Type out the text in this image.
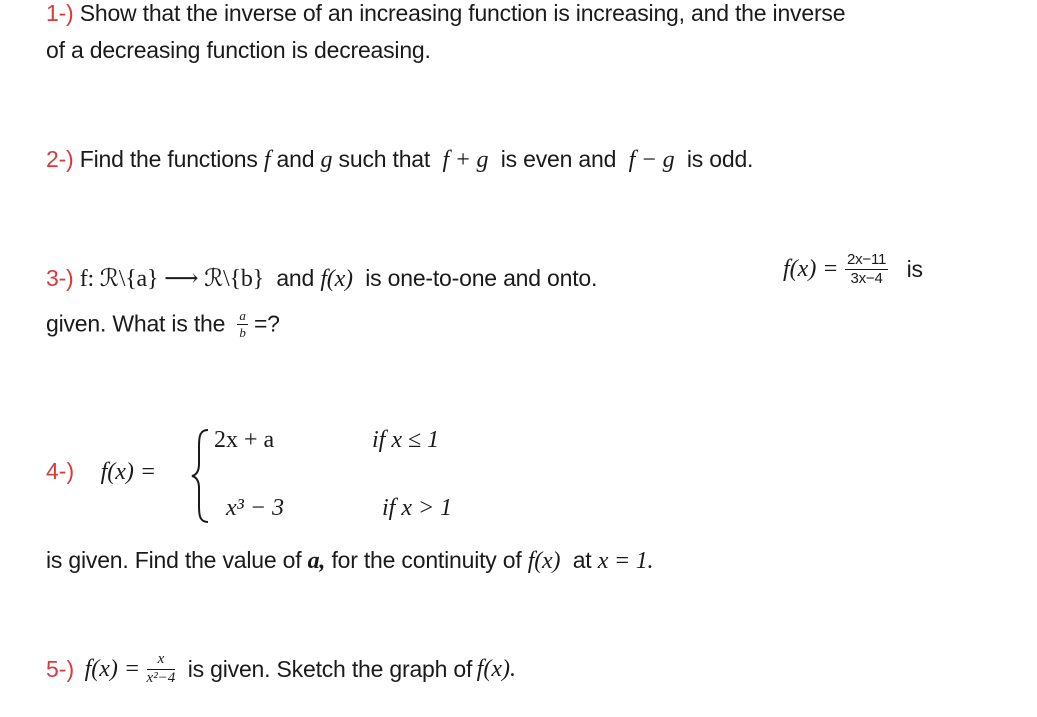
1-) Show that the inverse of an increasing function is increasing, and the inverse
of a decreasing function is decreasing.
2-) Find the functions f and g such that f + g is even and f − g is odd.
3-) f: ℛ\{a} ⟶ ℛ\{b} and f(x) is one-to-one and onto.	$f(x) = \frac{2x-11}{3x-4}$ is
given. What is the $\frac{a}{b}$ =?
4-) f(x) =
2x + a	if x ≤ 1
x³ − 3	if x > 1
is given. Find the value of a, for the continuity of f(x) at x = 1.
5-) $f(x) = \frac{x}{\text{x²−4}}$ is given. Sketch the graph of f(x).
